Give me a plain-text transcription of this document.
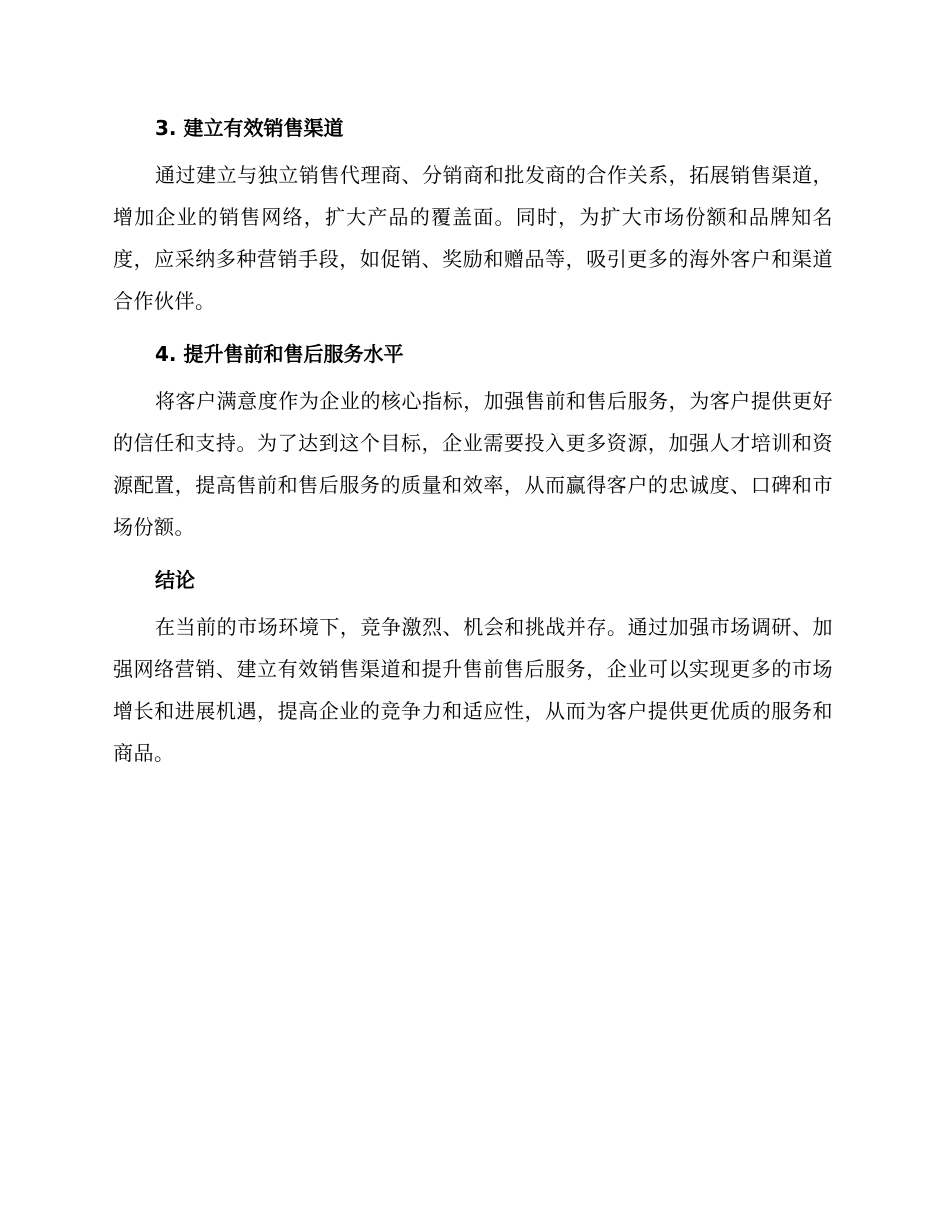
3. 建立有效销售渠道

通过建立与独立销售代理商、分销商和批发商的合作关系，拓展销售渠道，增加企业的销售网络，扩大产品的覆盖面。同时，为扩大市场份额和品牌知名度，应采纳多种营销手段，如促销、奖励和赠品等，吸引更多的海外客户和渠道合作伙伴。

4. 提升售前和售后服务水平

将客户满意度作为企业的核心指标，加强售前和售后服务，为客户提供更好的信任和支持。为了达到这个目标，企业需要投入更多资源，加强人才培训和资源配置，提高售前和售后服务的质量和效率，从而赢得客户的忠诚度、口碑和市场份额。

结论

在当前的市场环境下，竞争激烈、机会和挑战并存。通过加强市场调研、加强网络营销、建立有效销售渠道和提升售前售后服务，企业可以实现更多的市场增长和进展机遇，提高企业的竞争力和适应性，从而为客户提供更优质的服务和商品。
